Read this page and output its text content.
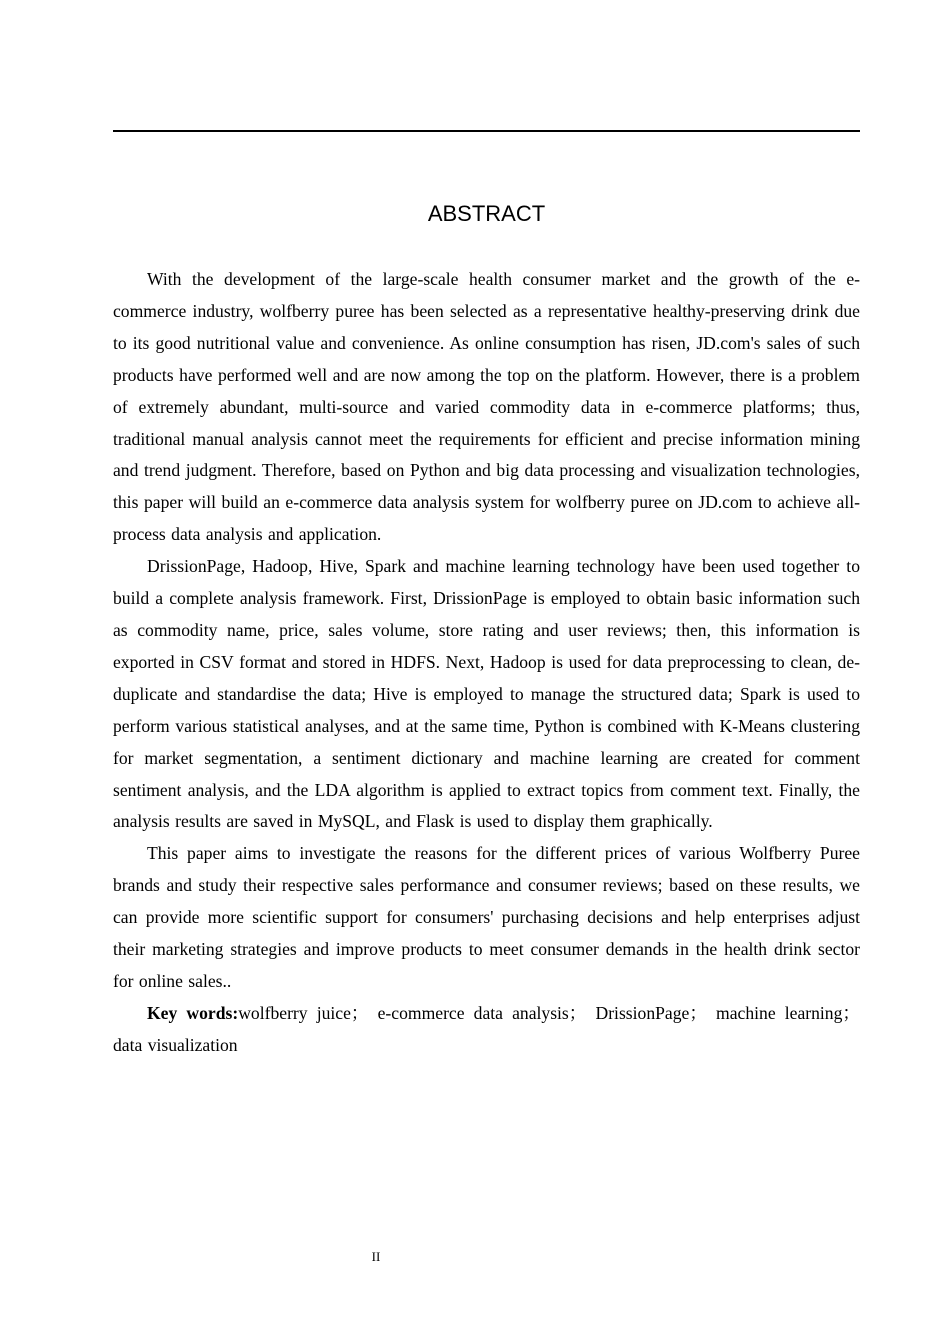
ABSTRACT

With the development of the large-scale health consumer market and the growth of the e-commerce industry, wolfberry puree has been selected as a representative healthy-preserving drink due to its good nutritional value and convenience. As online consumption has risen, JD.com's sales of such products have performed well and are now among the top on the platform. However, there is a problem of extremely abundant, multi-source and varied commodity data in e-commerce platforms; thus, traditional manual analysis cannot meet the requirements for efficient and precise information mining and trend judgment. Therefore, based on Python and big data processing and visualization technologies, this paper will build an e-commerce data analysis system for wolfberry puree on JD.com to achieve all-process data analysis and application.

DrissionPage, Hadoop, Hive, Spark and machine learning technology have been used together to build a complete analysis framework. First, DrissionPage is employed to obtain basic information such as commodity name, price, sales volume, store rating and user reviews; then, this information is exported in CSV format and stored in HDFS. Next, Hadoop is used for data preprocessing to clean, de-duplicate and standardise the data; Hive is employed to manage the structured data; Spark is used to perform various statistical analyses, and at the same time, Python is combined with K-Means clustering for market segmentation, a sentiment dictionary and machine learning are created for comment sentiment analysis, and the LDA algorithm is applied to extract topics from comment text. Finally, the analysis results are saved in MySQL, and Flask is used to display them graphically.

This paper aims to investigate the reasons for the different prices of various Wolfberry Puree brands and study their respective sales performance and consumer reviews; based on these results, we can provide more scientific support for consumers' purchasing decisions and help enterprises adjust their marketing strategies and improve products to meet consumer demands in the health drink sector for online sales..

Key words:wolfberry juice； e-commerce data analysis； DrissionPage； machine learning； data visualization

II
